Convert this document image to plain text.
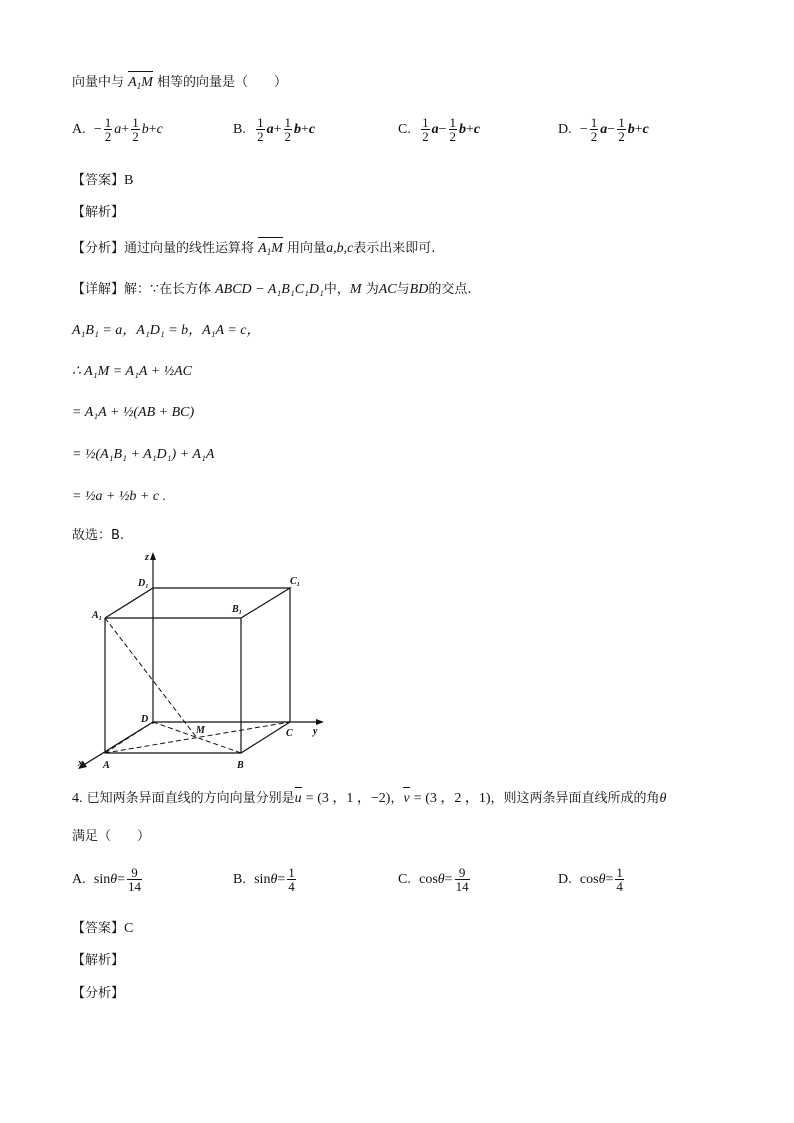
向量中与 $A_1M$ 相等的向量是（　　）
A. − $\frac{1}{2} a+ \frac{1}{2} b+c$	B. $\frac{1}{2} a+ \frac{1}{2} b+c$	C. $\frac{1}{2} a- \frac{1}{2} b+c$	D. − $\frac{1}{2} a- \frac{1}{2} b+c$
【答案】B
【解析】
【分析】通过向量的线性运算将 $A_1M$ 用向量a,b,c表示出来即可.
【详解】解：∵在长方体 ABCD − A₁B₁C₁D₁中，M 为AC与BD的交点.
A₁B₁ = a，A₁D₁ = b，A₁A = c，
∴ A₁M = A₁A + ½AC
= A₁A + ½(AB + BC)
= ½(A₁B₁ + A₁D₁) + A₁A
= ½a + ½b + c .
故选：B.
z
D₁	C₁
A₁
B₁
D
M	C y
x A	B
4. 已知两条异面直线的方向向量分别是u = (3 ，1 ，−2)，v = (3 ，2 ，1)，则这两条异面直线所成的角θ
满足（　　）
A. $\sin\theta= \frac{9}{14}$	B. $\sin\theta= \frac{1}{4}$	C. $\cos\theta= \frac{9}{14}$	D. $\cos\theta= \frac{1}{4}$
【答案】C
【解析】
【分析】
